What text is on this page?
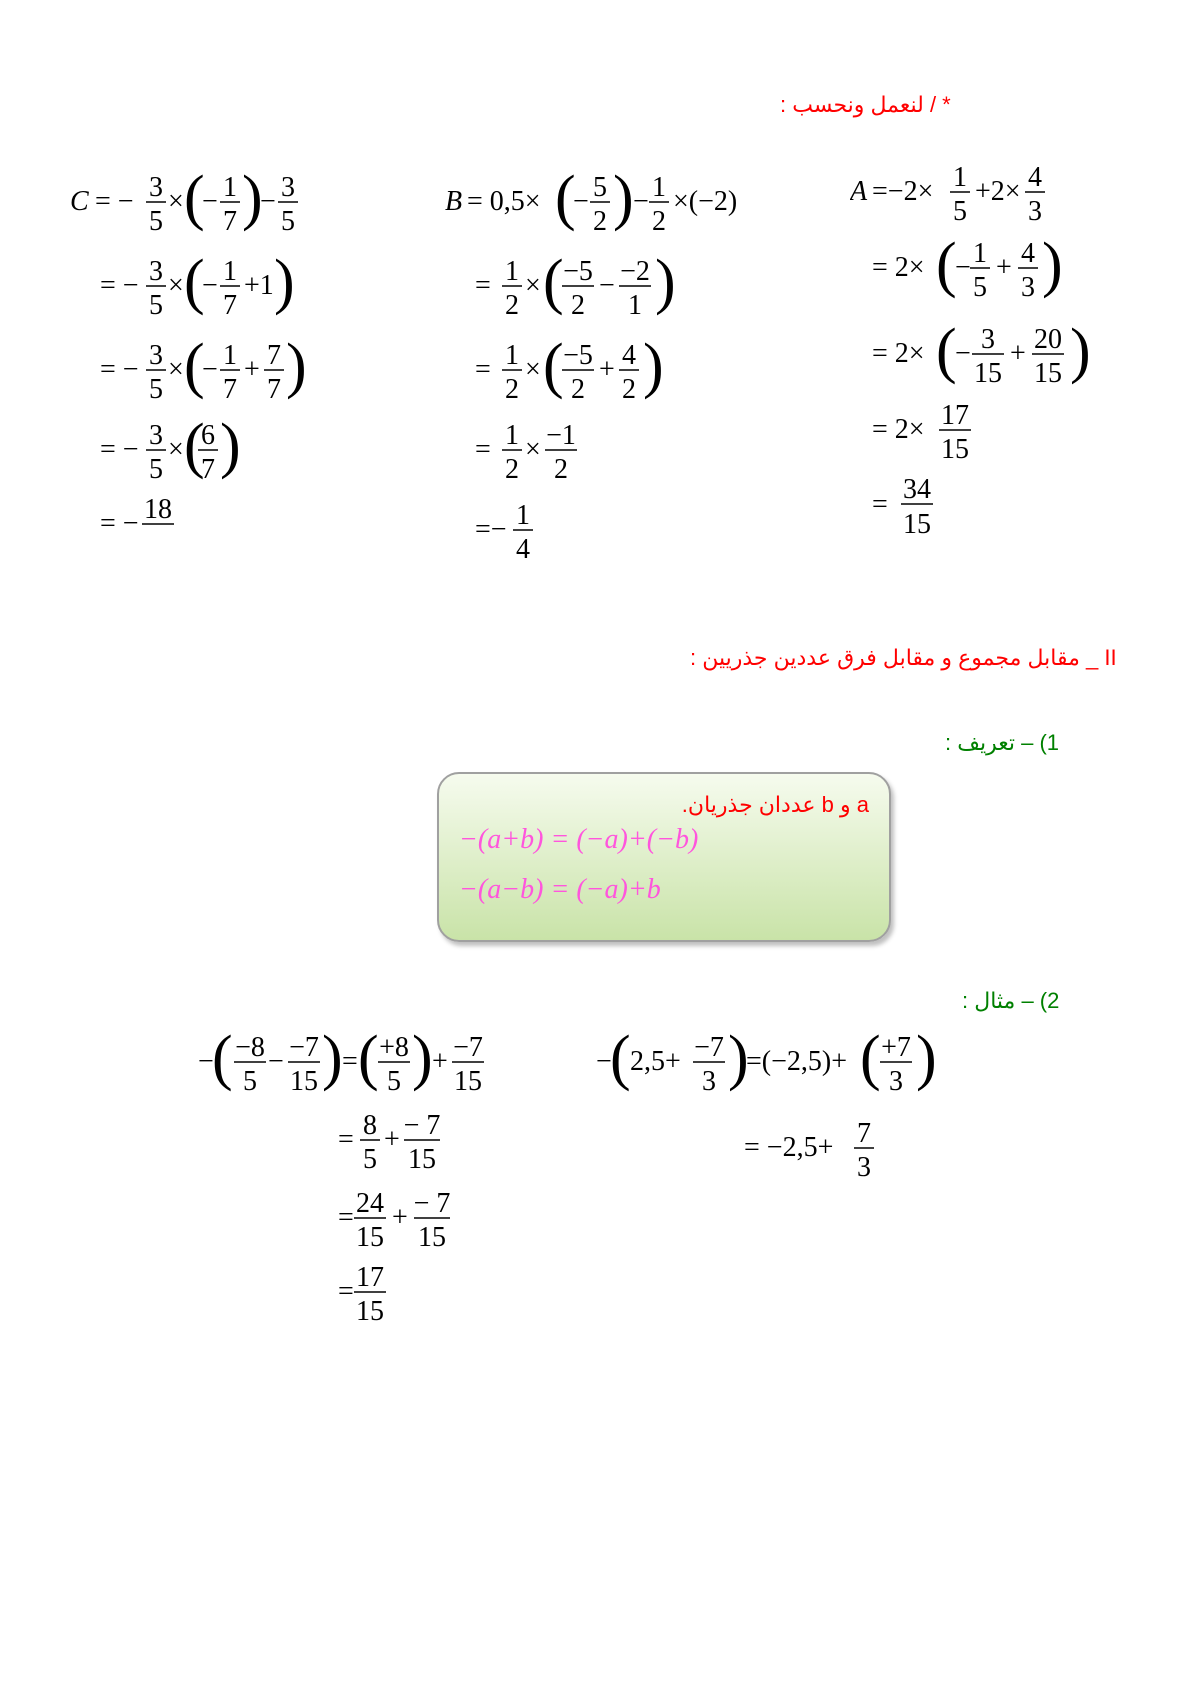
* / لنعمل ونحسب :
II _ مقابل مجموع و مقابل فرق عددين جذريين :
1) – تعريف :
a و b عددان جذريان.
−(a+b) = (−a)+(−b)
−(a−b) = (−a)+b
2) – مثال :
A =−2× 1
5
+2× 4
3
= 2× (
− 1
5
+ 4
3 )
= 2× (
− 3
15
+ 20
15 )
= 2× 17
15
= 34
15
B = 0,5× (
− 5
2 ) − 1
2
×(−2)
= 1
2
× ( −5
2
− −2
1 )
= 1
2
× ( −5
2
+ 4
2 )
= 1
2
× −1
2
=− 1
4
C = − 3
5
× (
− 1
7 )
− 3
5
= − 3
5
× (
− 1
7
+1 )
= − 3
5
× (
− 1
7
+ 7
7 )
= − 3
5
× (
6
7 )
= − 18
−
( 2,5+ −7
3 )
=(−2,5)+ ( +7
3 )
= −2,5+ 7
3
−
( −8
5
− −7
15 ) = ( +8
5 ) + −7
15
= 8
5
+ − 7
15
= 24
15
+ − 7
15
= 17
15
